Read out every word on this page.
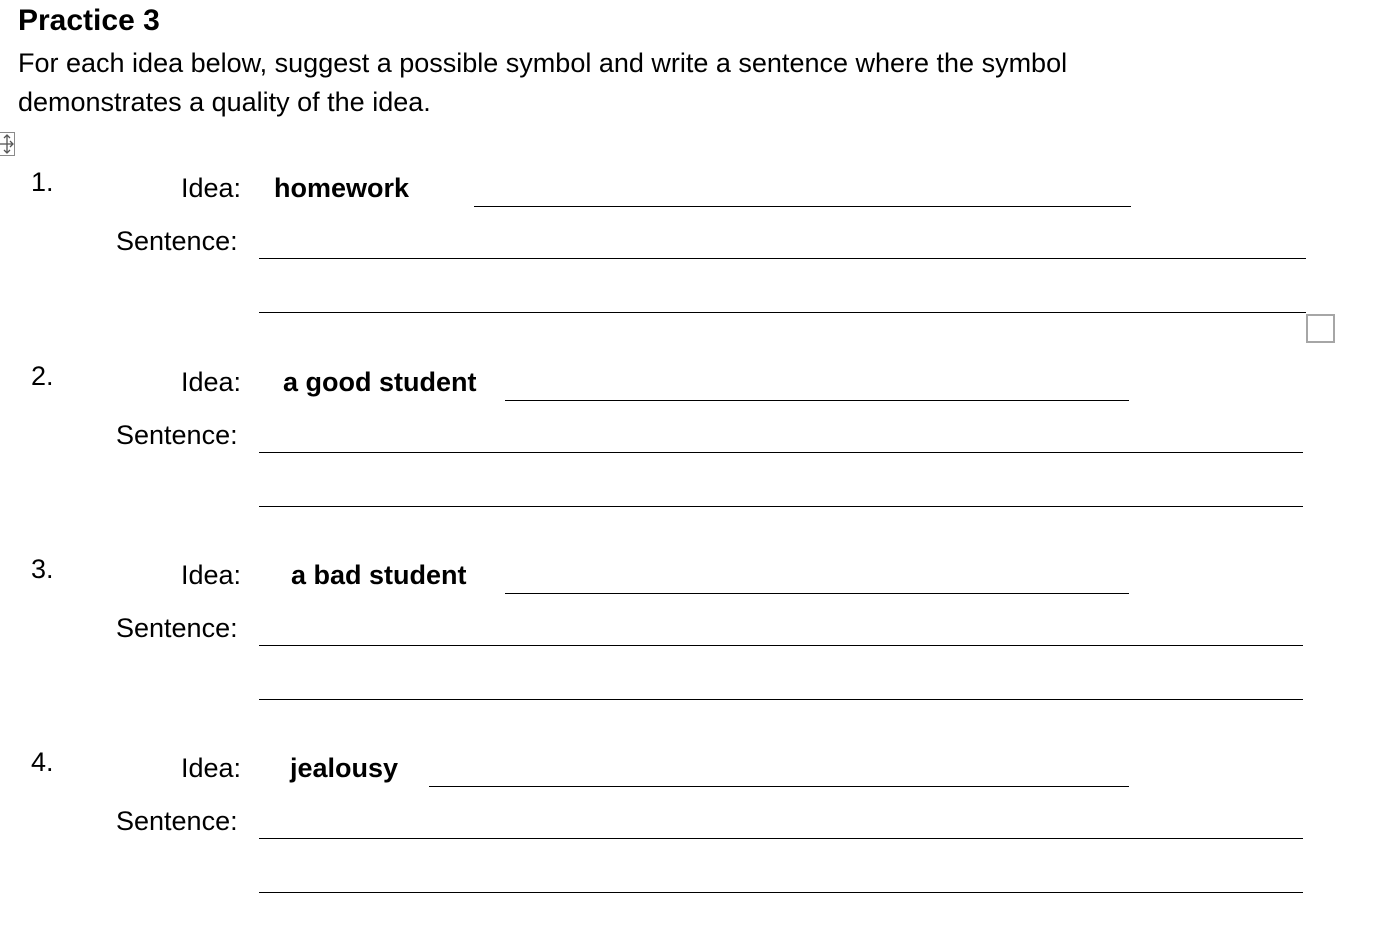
Practice 3
For each idea below, suggest a possible symbol and write a sentence where the symbol demonstrates a quality of the idea.
1.	Idea: homework
Sentence:
2.	Idea: a good student
Sentence:
3.	Idea: a bad student
Sentence:
4.	Idea: jealousy
Sentence:
